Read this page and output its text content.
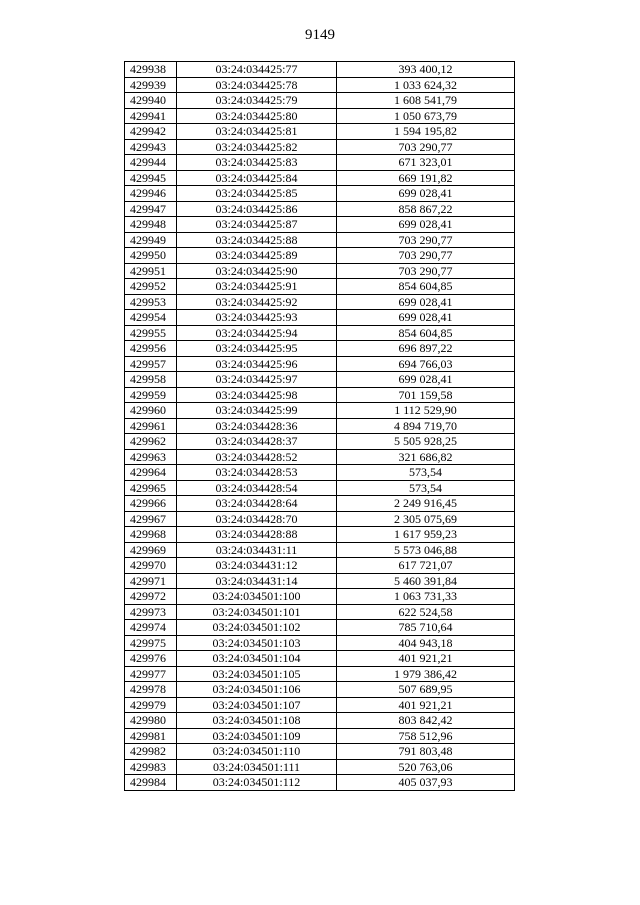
9149
429938	03:24:034425:77	393 400,12
429939	03:24:034425:78	1 033 624,32
429940	03:24:034425:79	1 608 541,79
429941	03:24:034425:80	1 050 673,79
429942	03:24:034425:81	1 594 195,82
429943	03:24:034425:82	703 290,77
429944	03:24:034425:83	671 323,01
429945	03:24:034425:84	669 191,82
429946	03:24:034425:85	699 028,41
429947	03:24:034425:86	858 867,22
429948	03:24:034425:87	699 028,41
429949	03:24:034425:88	703 290,77
429950	03:24:034425:89	703 290,77
429951	03:24:034425:90	703 290,77
429952	03:24:034425:91	854 604,85
429953	03:24:034425:92	699 028,41
429954	03:24:034425:93	699 028,41
429955	03:24:034425:94	854 604,85
429956	03:24:034425:95	696 897,22
429957	03:24:034425:96	694 766,03
429958	03:24:034425:97	699 028,41
429959	03:24:034425:98	701 159,58
429960	03:24:034425:99	1 112 529,90
429961	03:24:034428:36	4 894 719,70
429962	03:24:034428:37	5 505 928,25
429963	03:24:034428:52	321 686,82
429964	03:24:034428:53	573,54
429965	03:24:034428:54	573,54
429966	03:24:034428:64	2 249 916,45
429967	03:24:034428:70	2 305 075,69
429968	03:24:034428:88	1 617 959,23
429969	03:24:034431:11	5 573 046,88
429970	03:24:034431:12	617 721,07
429971	03:24:034431:14	5 460 391,84
429972	03:24:034501:100	1 063 731,33
429973	03:24:034501:101	622 524,58
429974	03:24:034501:102	785 710,64
429975	03:24:034501:103	404 943,18
429976	03:24:034501:104	401 921,21
429977	03:24:034501:105	1 979 386,42
429978	03:24:034501:106	507 689,95
429979	03:24:034501:107	401 921,21
429980	03:24:034501:108	803 842,42
429981	03:24:034501:109	758 512,96
429982	03:24:034501:110	791 803,48
429983	03:24:034501:111	520 763,06
429984	03:24:034501:112	405 037,93
